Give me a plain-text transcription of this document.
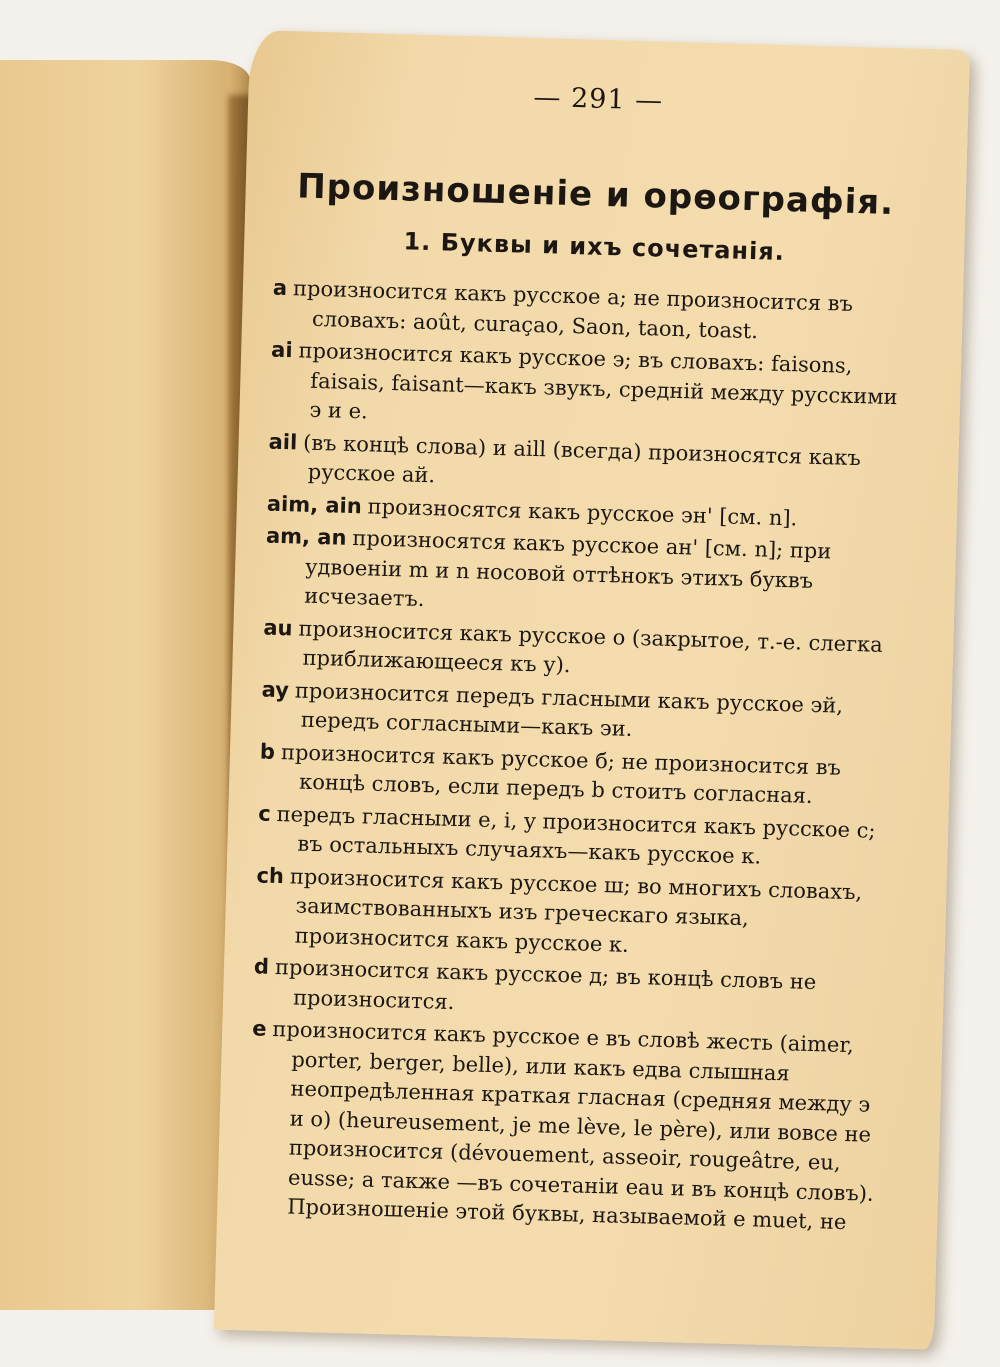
— 291 —
Произношеніе и орѳографія.
1. Буквы и ихъ сочетанія.
a произносится какъ русское а; не произносится въ словахъ: août, curaçao, Saon, taon, toast.
ai произносится какъ русское э; въ словахъ: faisons, faisais, faisant—какъ звукъ, средній между русскими э и е.
ail (въ концѣ слова) и aill (всегда) произносятся какъ русское ай.
aim, ain произносятся какъ русское эн' [см. n].
am, an произносятся какъ русское ан' [см. n]; при удвоеніи m и n носовой оттѣнокъ этихъ буквъ исчезаетъ.
au произносится какъ русское о (закрытое, т.-е. слегка приближающееся къ у).
ay произносится передъ гласными какъ русское эй, передъ согласными—какъ эи.
b произносится какъ русское б; не произносится въ концѣ словъ, если передъ b стоитъ согласная.
c передъ гласными e, i, y произносится какъ русское с; въ остальныхъ случаяхъ—какъ русское к.
ch произносится какъ русское ш; во многихъ словахъ, заимствованныхъ изъ греческаго языка, произносится какъ русское к.
d произносится какъ русское д; въ концѣ словъ не произносится.
e произносится какъ русское е въ словѣ жесть (aimer, porter, berger, belle), или какъ едва слышная неопредѣленная краткая гласная (средняя между э и о) (heureusement, je me lève, le père), или вовсе не произносится (dévouement, asseoir, rougeâtre, eu, eusse; а также —въ сочетаніи eau и въ концѣ словъ). Произношеніе этой буквы, называемой e muet, не
